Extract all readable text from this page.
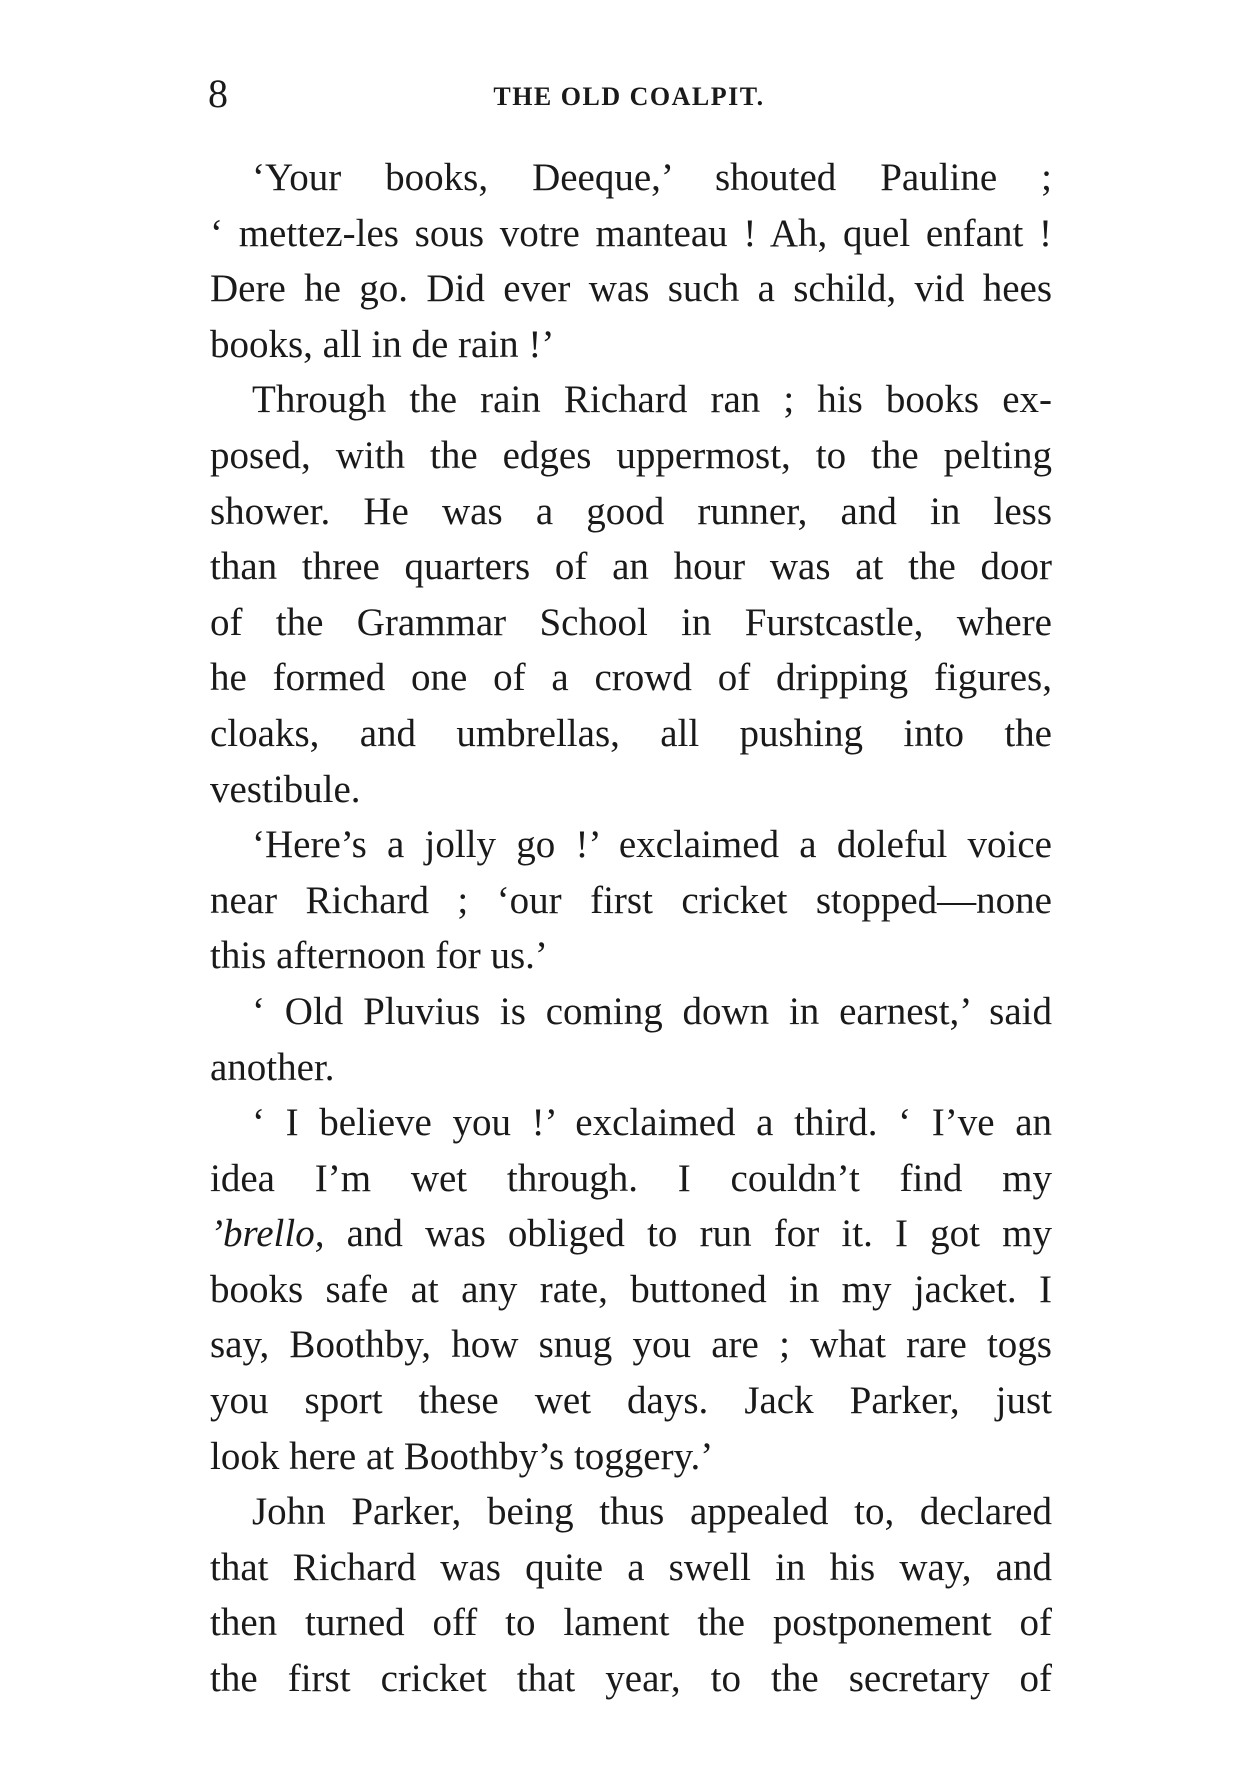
8	THE OLD COALPIT.
‘Your books, Deeque,’ shouted Pauline ;
‘ mettez-les sous votre manteau ! Ah, quel enfant !
Dere he go. Did ever was such a schild, vid hees
books, all in de rain !’
Through the rain Richard ran ; his books ex-
posed, with the edges uppermost, to the pelting
shower. He was a good runner, and in less
than three quarters of an hour was at the door
of the Grammar School in Furstcastle, where
he formed one of a crowd of dripping figures,
cloaks, and umbrellas, all pushing into the
vestibule.
‘Here’s a jolly go !’ exclaimed a doleful voice
near Richard ; ‘our first cricket stopped—none
this afternoon for us.’
‘ Old Pluvius is coming down in earnest,’ said
another.
‘ I believe you !’ exclaimed a third. ‘ I’ve an
idea I’m wet through. I couldn’t find my
’brello, and was obliged to run for it. I got my
books safe at any rate, buttoned in my jacket. I
say, Boothby, how snug you are ; what rare togs
you sport these wet days. Jack Parker, just
look here at Boothby’s toggery.’
John Parker, being thus appealed to, declared
that Richard was quite a swell in his way, and
then turned off to lament the postponement of
the first cricket that year, to the secretary of
